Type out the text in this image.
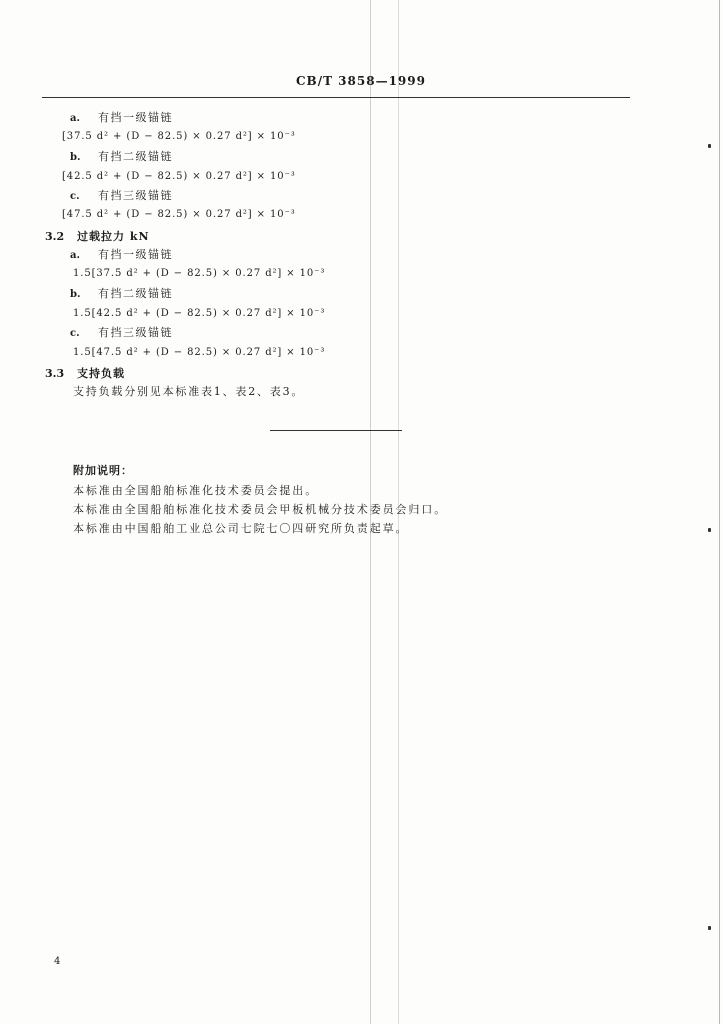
CB/T 3858—1999
a. 有挡一级锚链
[37.5 d² + (D − 82.5) × 0.27 d²] × 10⁻³
b. 有挡二级锚链
[42.5 d² + (D − 82.5) × 0.27 d²] × 10⁻³
c. 有挡三级锚链
[47.5 d² + (D − 82.5) × 0.27 d²] × 10⁻³
3.2 过载拉力 kN
a. 有挡一级锚链
1.5[37.5 d² + (D − 82.5) × 0.27 d²] × 10⁻³
b. 有挡二级锚链
1.5[42.5 d² + (D − 82.5) × 0.27 d²] × 10⁻³
c. 有挡三级锚链
1.5[47.5 d² + (D − 82.5) × 0.27 d²] × 10⁻³
3.3 支持负载
支持负载分别见本标准表1、表2、表3。
附加说明：
本标准由全国船舶标准化技术委员会提出。
本标准由全国船舶标准化技术委员会甲板机械分技术委员会归口。
本标准由中国船舶工业总公司七院七〇四研究所负责起草。
4
